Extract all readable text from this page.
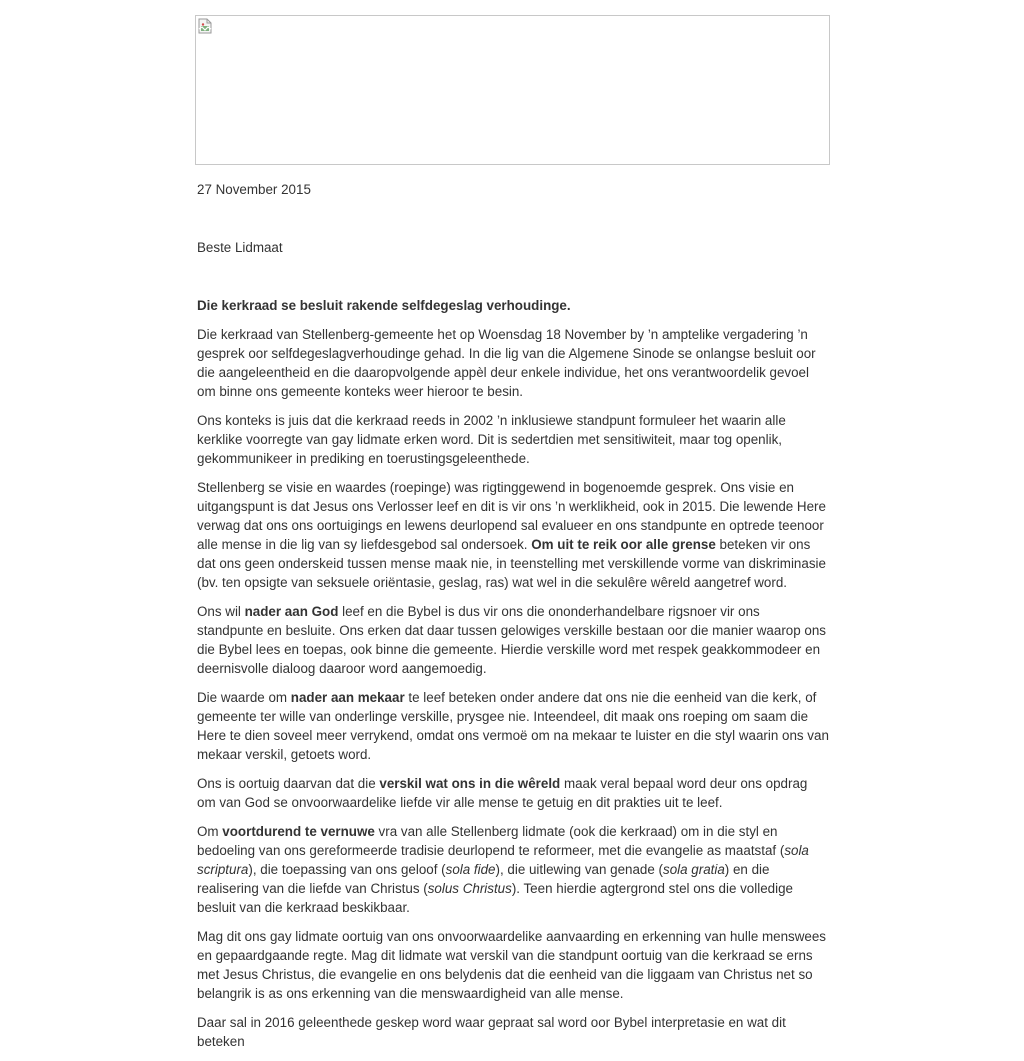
27 November 2015

Beste Lidmaat

Die kerkraad se besluit rakende selfdegeslag verhoudinge.

Die kerkraad van Stellenberg-gemeente het op Woensdag 18 November by ’n amptelike vergadering ’n gesprek oor selfdegeslagverhoudinge gehad. In die lig van die Algemene Sinode se onlangse besluit oor die aangeleentheid en die daaropvolgende appèl deur enkele individue, het ons verantwoordelik gevoel om binne ons gemeente konteks weer hieroor te besin.

Ons konteks is juis dat die kerkraad reeds in 2002 ’n inklusiewe standpunt formuleer het waarin alle kerklike voorregte van gay lidmate erken word. Dit is sedertdien met sensitiwiteit, maar tog openlik, gekommunikeer in prediking en toerustingsgeleenthede.

Stellenberg se visie en waardes (roepinge) was rigtinggewend in bogenoemde gesprek. Ons visie en uitgangspunt is dat Jesus ons Verlosser leef en dit is vir ons ’n werklikheid, ook in 2015. Die lewende Here verwag dat ons ons oortuigings en lewens deurlopend sal evalueer en ons standpunte en optrede teenoor alle mense in die lig van sy liefdesgebod sal ondersoek. Om uit te reik oor alle grense beteken vir ons dat ons geen onderskeid tussen mense maak nie, in teenstelling met verskillende vorme van diskriminasie (bv. ten opsigte van seksuele oriëntasie, geslag, ras) wat wel in die sekulêre wêreld aangetref word.

Ons wil nader aan God leef en die Bybel is dus vir ons die ononderhandelbare rigsnoer vir ons standpunte en besluite. Ons erken dat daar tussen gelowiges verskille bestaan oor die manier waarop ons die Bybel lees en toepas, ook binne die gemeente. Hierdie verskille word met respek geakkommodeer en deernisvolle dialoog daaroor word aangemoedig.

Die waarde om nader aan mekaar te leef beteken onder andere dat ons nie die eenheid van die kerk, of gemeente ter wille van onderlinge verskille, prysgee nie. Inteendeel, dit maak ons roeping om saam die Here te dien soveel meer verrykend, omdat ons vermoë om na mekaar te luister en die styl waarin ons van mekaar verskil, getoets word.

Ons is oortuig daarvan dat die verskil wat ons in die wêreld maak veral bepaal word deur ons opdrag om van God se onvoorwaardelike liefde vir alle mense te getuig en dit prakties uit te leef.

Om voortdurend te vernuwe vra van alle Stellenberg lidmate (ook die kerkraad) om in die styl en bedoeling van ons gereformeerde tradisie deurlopend te reformeer, met die evangelie as maatstaf (sola scriptura), die toepassing van ons geloof (sola fide), die uitlewing van genade (sola gratia) en die realisering van die liefde van Christus (solus Christus). Teen hierdie agtergrond stel ons die volledige besluit van die kerkraad beskikbaar.

Mag dit ons gay lidmate oortuig van ons onvoorwaardelike aanvaarding en erkenning van hulle menswees en gepaardgaande regte. Mag dit lidmate wat verskil van die standpunt oortuig van die kerkraad se erns met Jesus Christus, die evangelie en ons belydenis dat die eenheid van die liggaam van Christus net so belangrik is as ons erkenning van die menswaardigheid van alle mense.

Daar sal in 2016 geleenthede geskep word waar gepraat sal word oor Bybel interpretasie en wat dit beteken
